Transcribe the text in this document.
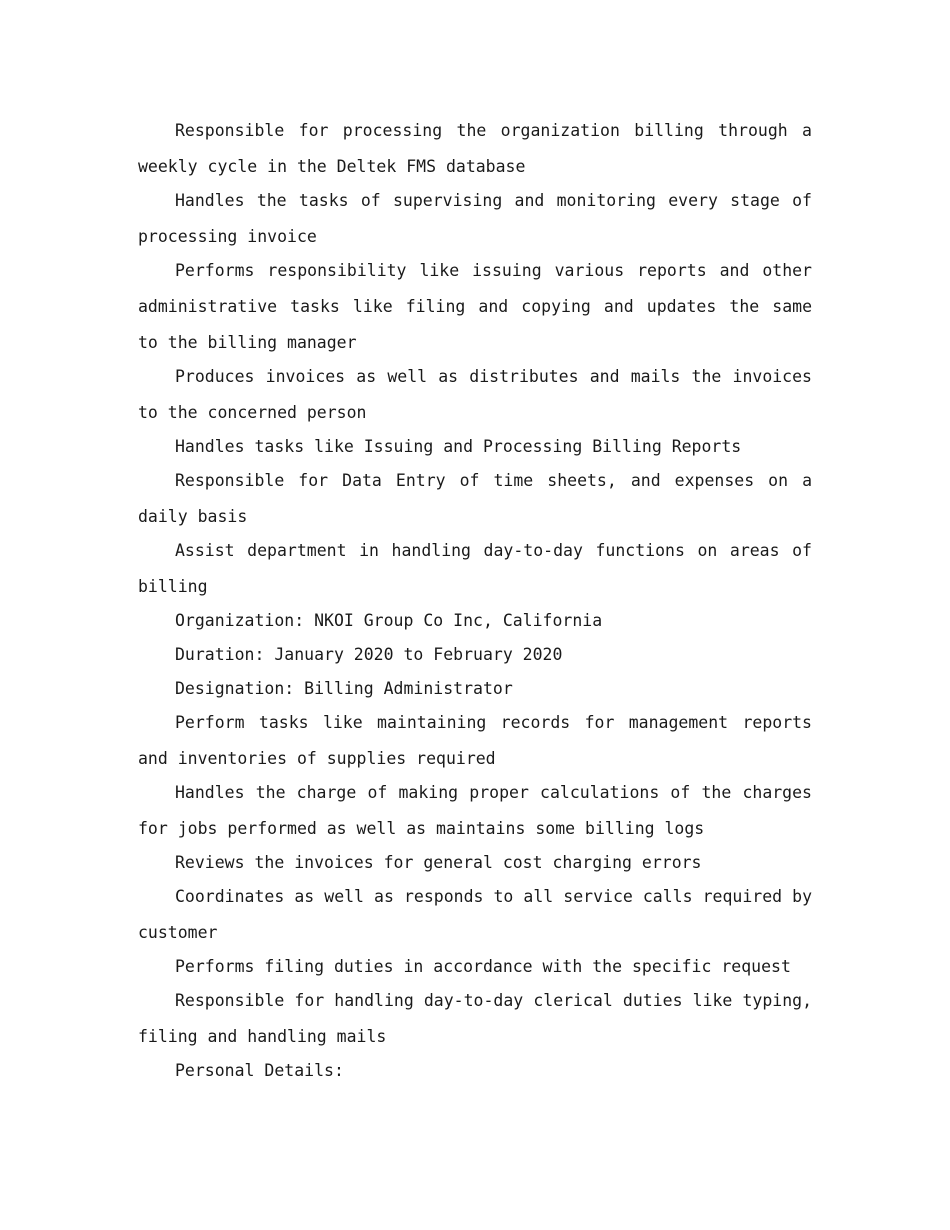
Responsible for processing the organization billing through a weekly cycle in the Deltek FMS database

Handles the tasks of supervising and monitoring every stage of processing invoice

Performs responsibility like issuing various reports and other administrative tasks like filing and copying and updates the same to the billing manager

Produces invoices as well as distributes and mails the invoices to the concerned person

Handles tasks like Issuing and Processing Billing Reports

Responsible for Data Entry of time sheets, and expenses on a daily basis

Assist department in handling day-to-day functions on areas of billing

Organization: NKOI Group Co Inc, California

Duration: January 2020 to February 2020

Designation: Billing Administrator

Perform tasks like maintaining records for management reports and inventories of supplies required

Handles the charge of making proper calculations of the charges for jobs performed as well as maintains some billing logs

Reviews the invoices for general cost charging errors

Coordinates as well as responds to all service calls required by customer

Performs filing duties in accordance with the specific request

Responsible for handling day-to-day clerical duties like typing, filing and handling mails

Personal Details:
